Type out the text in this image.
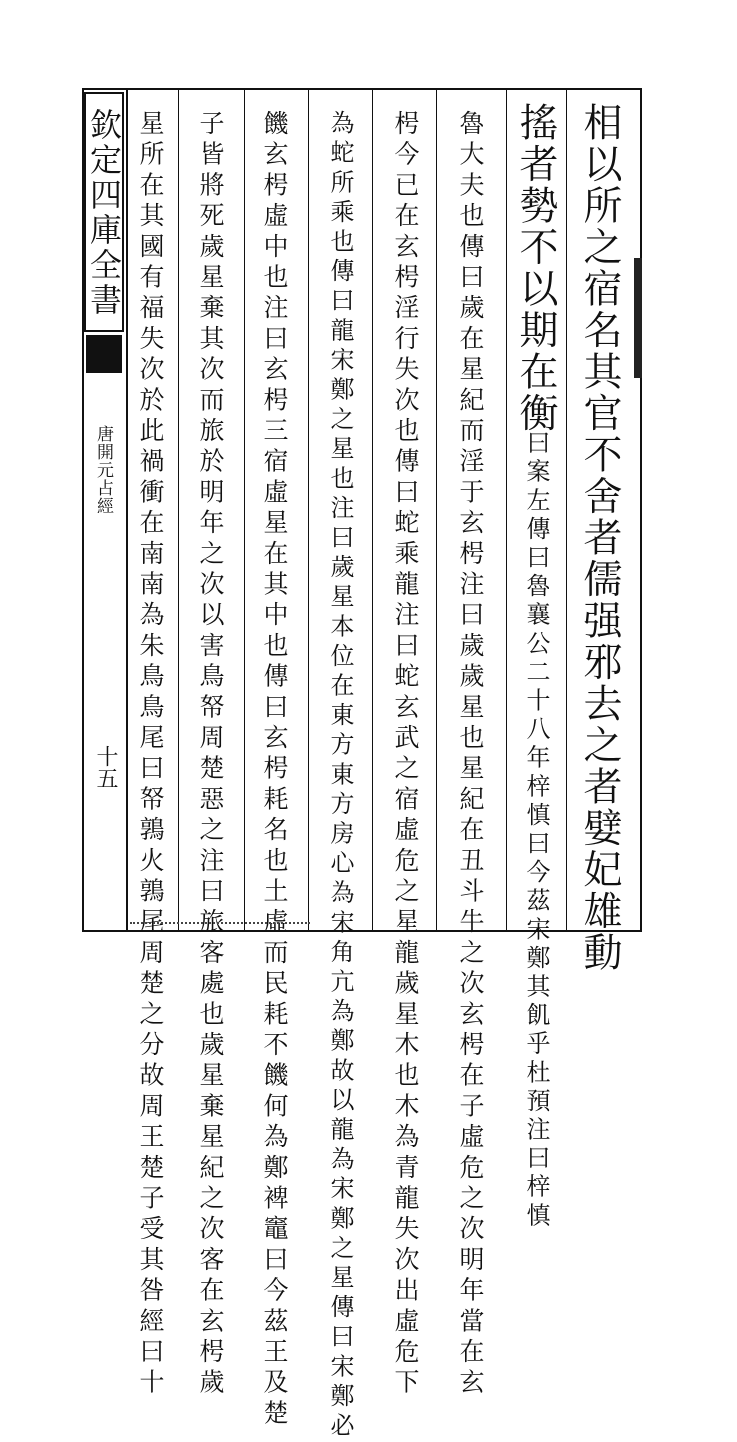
欽定四庫全書
唐開元占經
十五	相以所之宿名其官不舍者儒强邪去之者嬖妃雄動
搖者勢不以期在衡
曰案左傳曰魯襄公二十八年梓慎曰今茲宋鄭其飢乎杜預注曰梓慎
魯大夫也傳曰歲在星紀而淫于玄枵注曰歲歲星也星紀在丑斗牛之次玄枵在子虛危之次明年當在玄
枵今已在玄枵淫行失次也傳曰蛇乘龍注曰蛇玄武之宿虛危之星龍歲星木也木為青龍失次出虛危下
為蛇所乘也傳曰龍宋鄭之星也注曰歲星本位在東方東方房心為宋角亢為鄭故以龍為宋鄭之星傳曰宋鄭必
饑玄枵虛中也注曰玄枵三宿虛星在其中也傳曰玄枵耗名也土虛而民耗不饑何為鄭裨竈曰今茲王及楚
子皆將死歲星棄其次而旅於明年之次以害鳥帑周楚惡之注曰旅客處也歲星棄星紀之次客在玄枵歲
星所在其國有福失次於此禍衝在南南為朱鳥鳥尾曰帑鶉火鶉尾周楚之分故周王楚子受其咎經曰十
